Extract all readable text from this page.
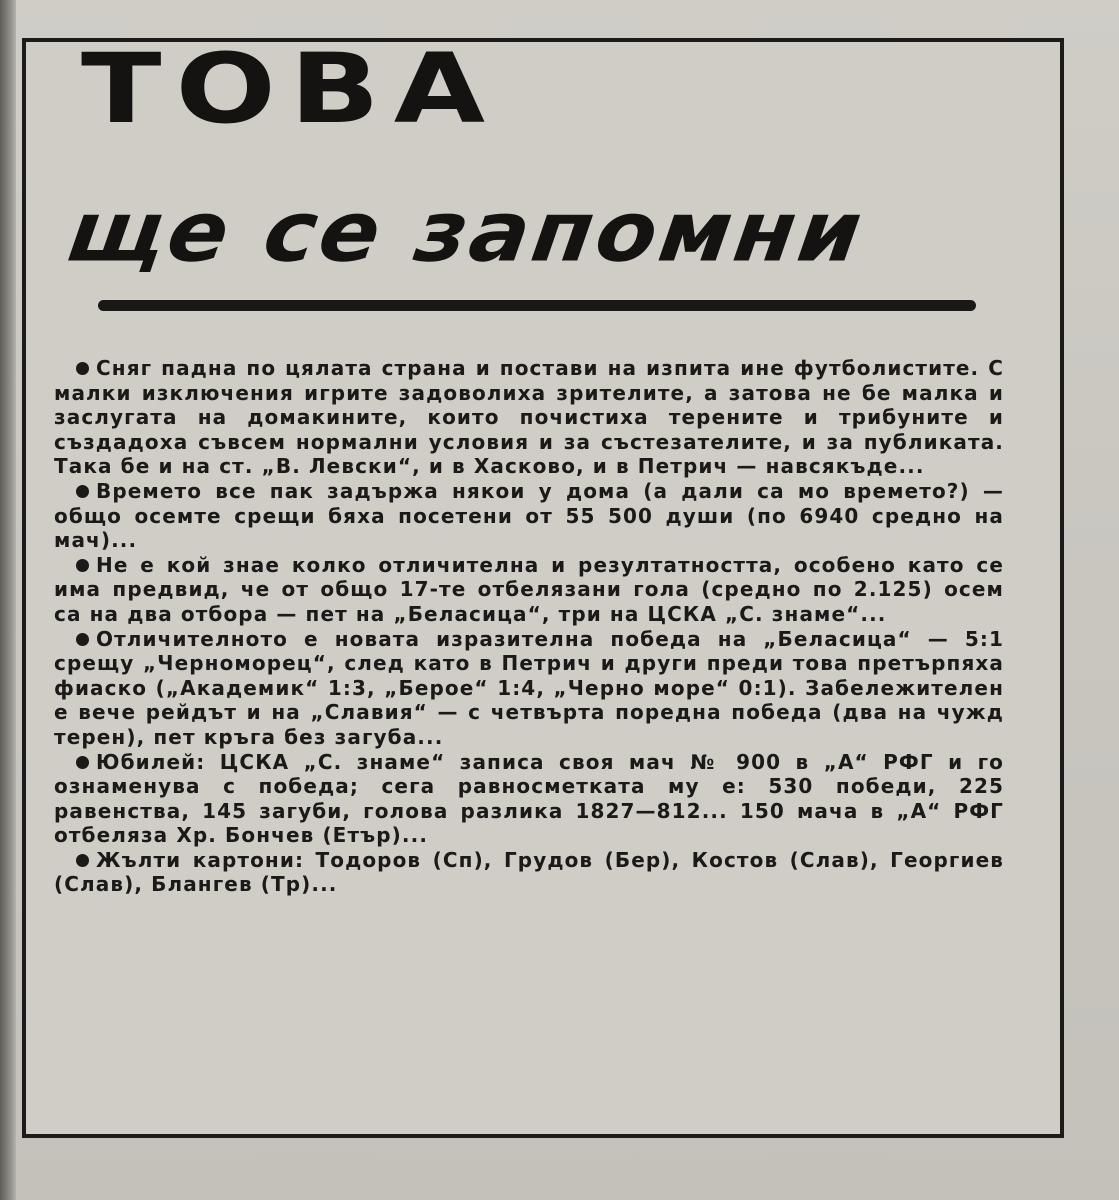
ТОВА
ще се запомни

Сняг падна по цялата страна и постави на изпита ине футболистите. С малки изключения игрите задоволиха зрителите, а затова не бе малка и заслугата на домакините, които почистиха терените и трибуните и създадоха съвсем нормални условия и за състезателите, и за публиката. Така бе и на ст. „В. Левски“, и в Хасково, и в Петрич — навсякъде...

Времето все пак задържа някои у дома (а дали са мо времето?) — общо осемте срещи бяха посетени от 55 500 души (по 6940 средно на мач)...

Не е кой знае колко отличителна и резултатността, особено като се има предвид, че от общо 17-те отбелязани гола (средно по 2.125) осем са на два отбора — пет на „Беласица“, три на ЦСКА „С. знаме“...

Отличителното е новата изразителна победа на „Беласица“ — 5:1 срещу „Черноморец“, след като в Петрич и други преди това претърпяха фиаско („Академик“ 1:3, „Берое“ 1:4, „Черно море“ 0:1). Забележителен е вече рейдът и на „Славия“ — с четвърта поредна победа (два на чужд терен), пет кръга без загуба...

Юбилей: ЦСКА „С. знаме“ записа своя мач № 900 в „А“ РФГ и го ознаменува с победа; сега равносметката му е: 530 победи, 225 равенства, 145 загуби, голова разлика 1827—812... 150 мача в „А“ РФГ отбеляза Хр. Бончев (Етър)...

Жълти картони: Тодоров (Сп), Грудов (Бер), Костов (Слав), Георгиев (Слав), Блангев (Тр)...
